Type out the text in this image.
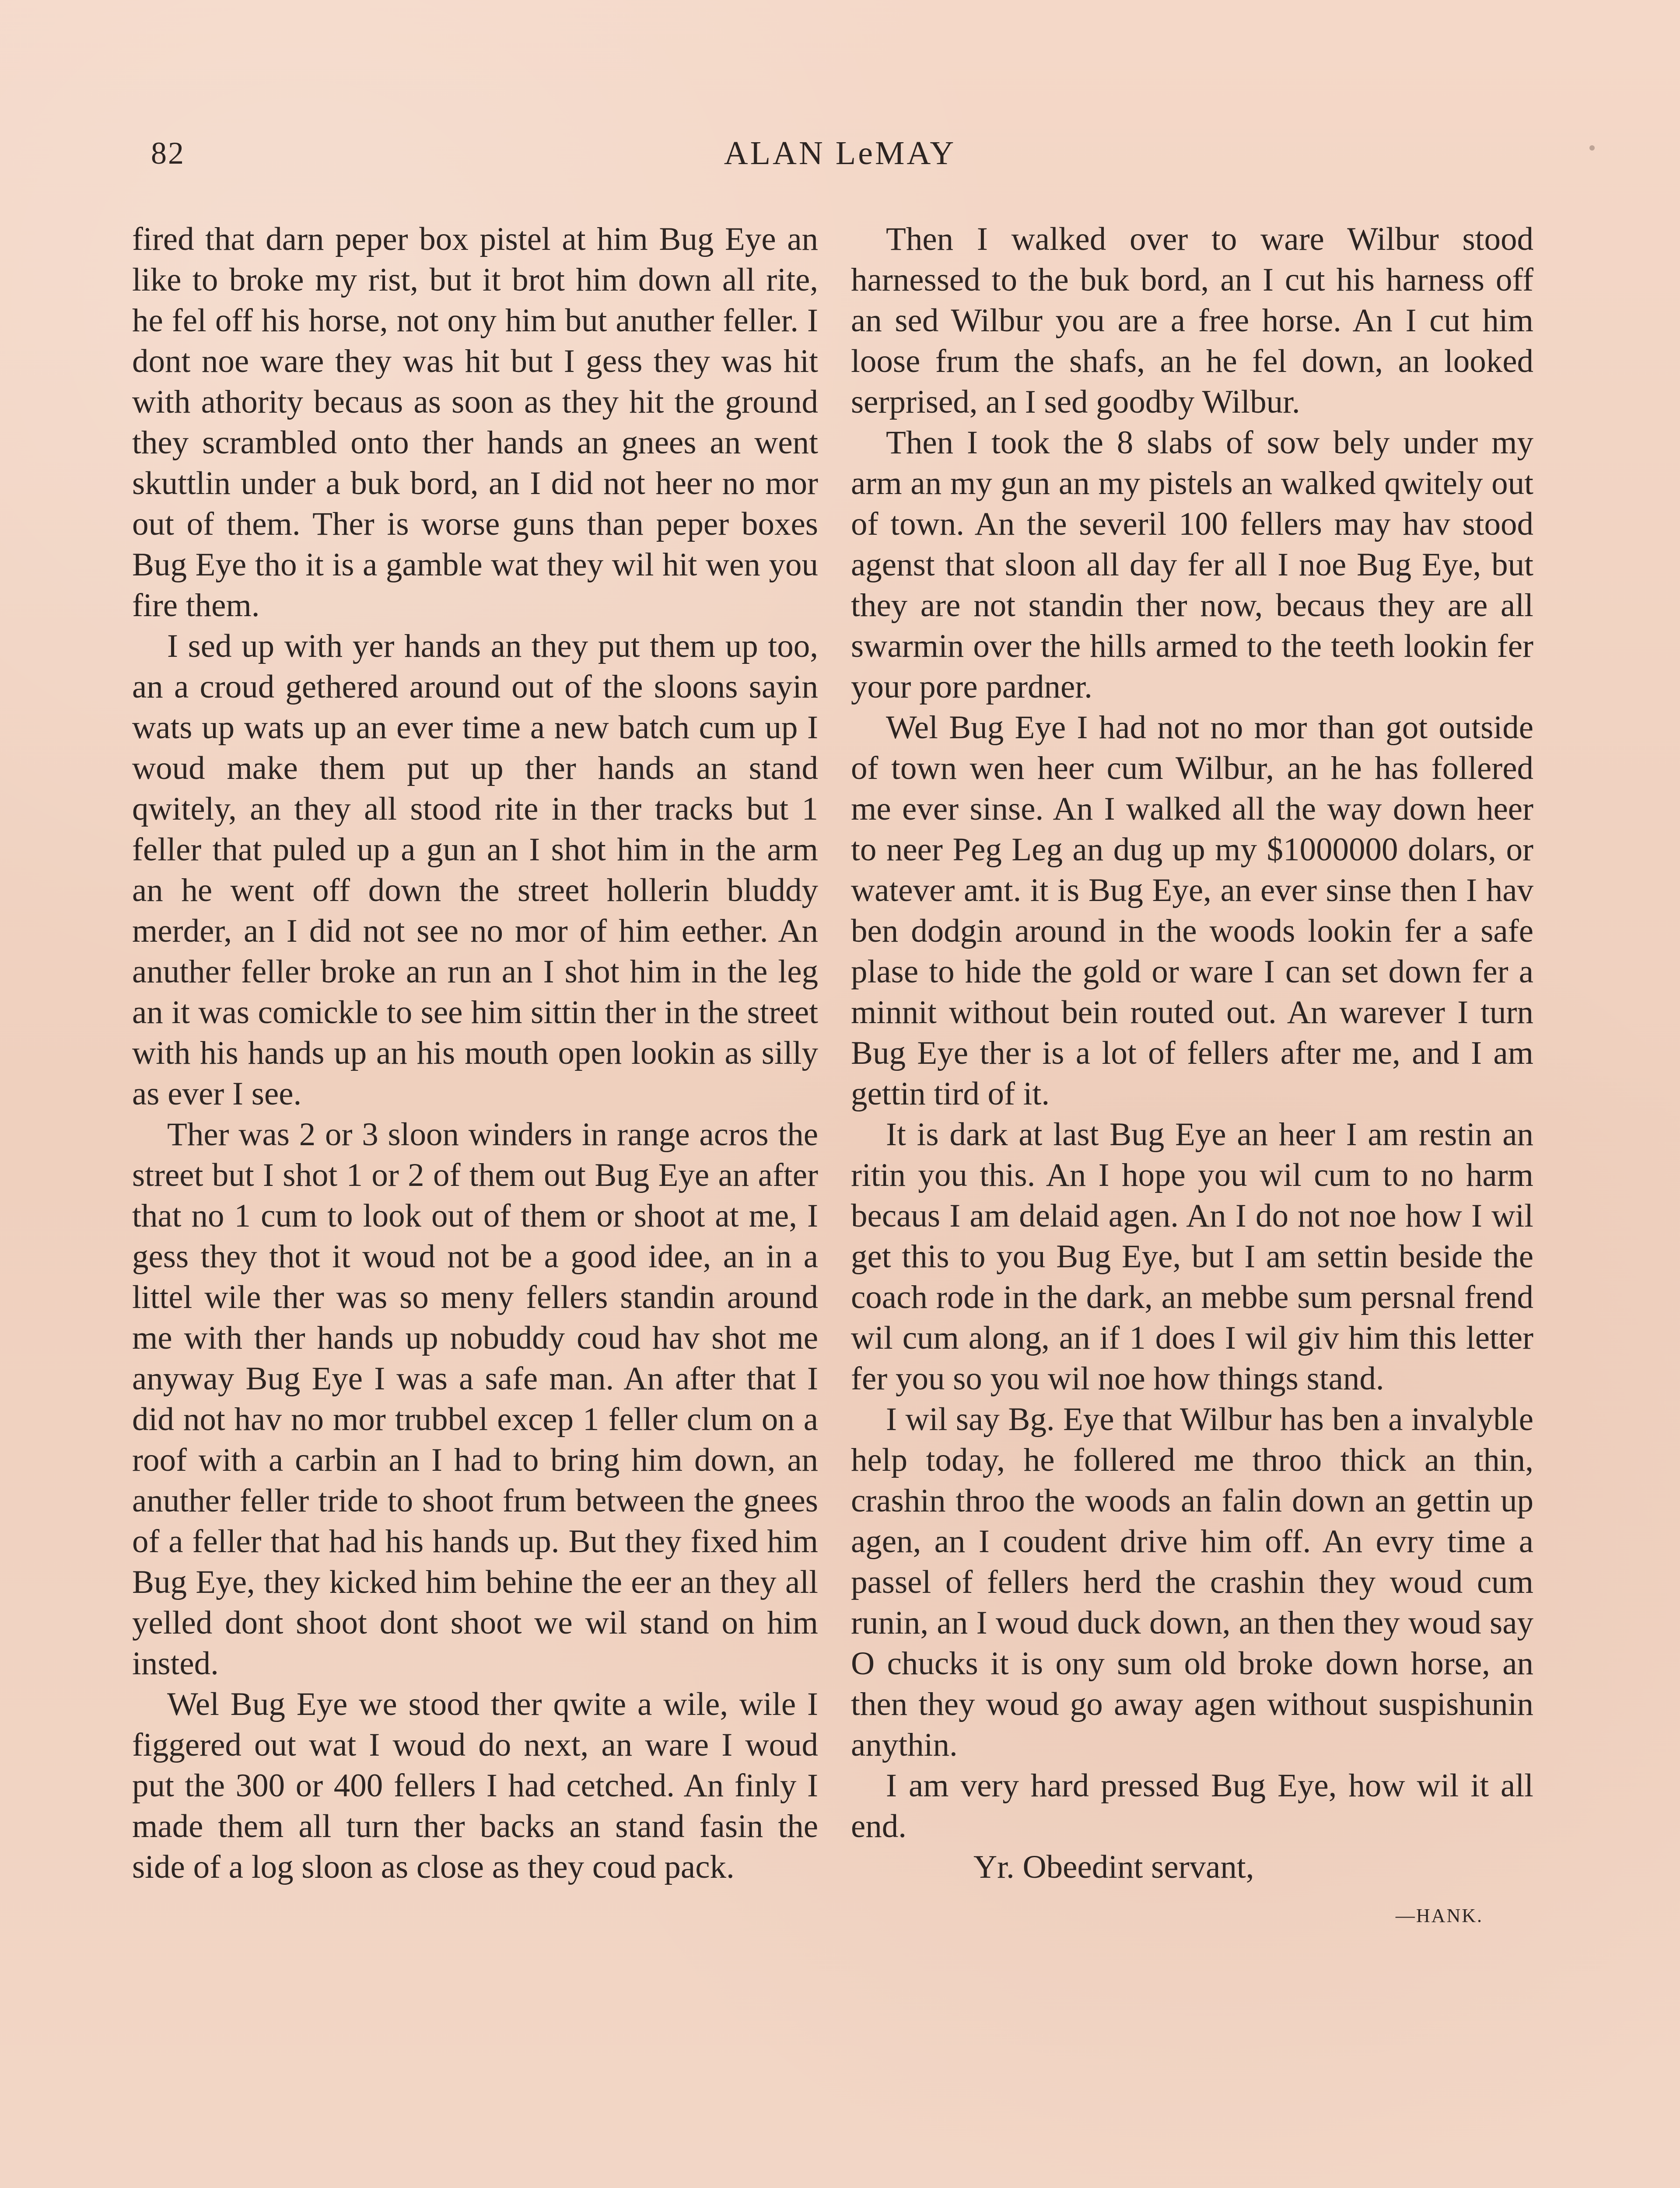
82	ALAN LeMAY

fired that darn peper box pistel at him Bug Eye an like to broke my rist, but it brot him down all rite, he fel off his horse, not ony him but anuther feller. I dont noe ware they was hit but I gess they was hit with athority becaus as soon as they hit the ground they scrambled onto ther hands an gnees an went skuttlin under a buk bord, an I did not heer no mor out of them. Ther is worse guns than peper boxes Bug Eye tho it is a gamble wat they wil hit wen you fire them.

I sed up with yer hands an they put them up too, an a croud gethered around out of the sloons sayin wats up wats up an ever time a new batch cum up I woud make them put up ther hands an stand qwitely, an they all stood rite in ther tracks but 1 feller that puled up a gun an I shot him in the arm an he went off down the street hollerin bluddy merder, an I did not see no mor of him eether. An anuther feller broke an run an I shot him in the leg an it was comickle to see him sittin ther in the street with his hands up an his mouth open lookin as silly as ever I see.

Ther was 2 or 3 sloon winders in range acros the street but I shot 1 or 2 of them out Bug Eye an after that no 1 cum to look out of them or shoot at me, I gess they thot it woud not be a good idee, an in a littel wile ther was so meny fellers standin around me with ther hands up nobuddy coud hav shot me anyway Bug Eye I was a safe man. An after that I did not hav no mor trubbel excep 1 feller clum on a roof with a carbin an I had to bring him down, an anuther feller tride to shoot frum between the gnees of a feller that had his hands up. But they fixed him Bug Eye, they kicked him behine the eer an they all yelled dont shoot dont shoot we wil stand on him insted.

Wel Bug Eye we stood ther qwite a wile, wile I figgered out wat I woud do next, an ware I woud put the 300 or 400 fellers I had cetched. An finly I made them all turn ther backs an stand fasin the side of a log sloon as close as they coud pack.

Then I walked over to ware Wilbur stood harnessed to the buk bord, an I cut his harness off an sed Wilbur you are a free horse. An I cut him loose frum the shafs, an he fel down, an looked serprised, an I sed goodby Wilbur.

Then I took the 8 slabs of sow bely under my arm an my gun an my pistels an walked qwitely out of town. An the severil 100 fellers may hav stood agenst that sloon all day fer all I noe Bug Eye, but they are not standin ther now, becaus they are all swarmin over the hills armed to the teeth lookin fer your pore pardner.

Wel Bug Eye I had not no mor than got outside of town wen heer cum Wilbur, an he has follered me ever sinse. An I walked all the way down heer to neer Peg Leg an dug up my $1000000 dolars, or watever amt. it is Bug Eye, an ever sinse then I hav ben dodgin around in the woods lookin fer a safe plase to hide the gold or ware I can set down fer a minnit without bein routed out. An warever I turn Bug Eye ther is a lot of fellers after me, and I am gettin tird of it.

It is dark at last Bug Eye an heer I am restin an ritin you this. An I hope you wil cum to no harm becaus I am delaid agen. An I do not noe how I wil get this to you Bug Eye, but I am settin beside the coach rode in the dark, an mebbe sum persnal frend wil cum along, an if 1 does I wil giv him this letter fer you so you wil noe how things stand.

I wil say Bg. Eye that Wilbur has ben a invalyble help today, he follered me throo thick an thin, crashin throo the woods an falin down an gettin up agen, an I coudent drive him off. An evry time a passel of fellers herd the crashin they woud cum runin, an I woud duck down, an then they woud say O chucks it is ony sum old broke down horse, an then they woud go away agen without suspishunin anythin.

I am very hard pressed Bug Eye, how wil it all end.

Yr. Obeedint servant,

—HANK.
